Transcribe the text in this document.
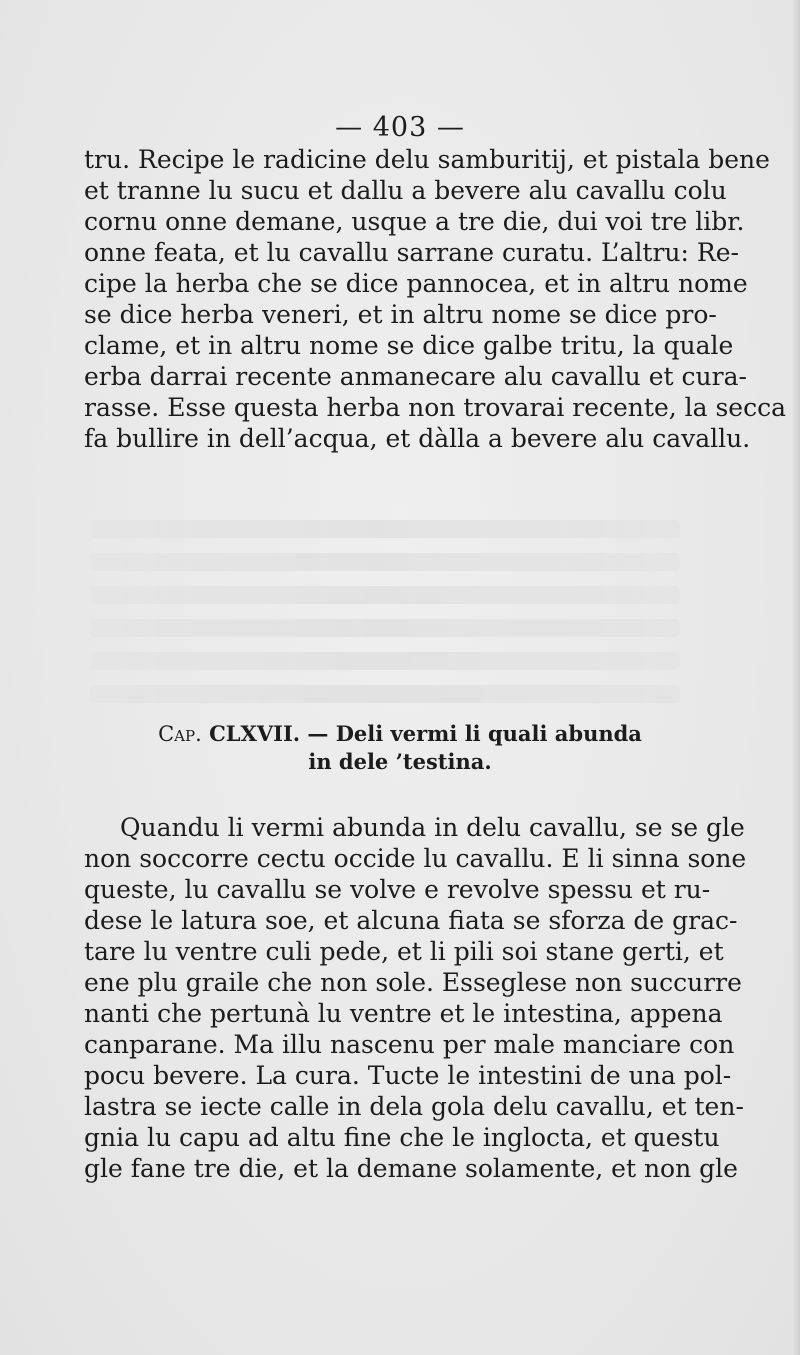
— 403 —
tru. Recipe le radicine delu samburitij, et pistala bene
et tranne lu sucu et dallu a bevere alu cavallu colu
cornu onne demane, usque a tre die, dui voi tre libr.
onne feata, et lu cavallu sarrane curatu. L’altru: Re-
cipe la herba che se dice pannocea, et in altru nome
se dice herba veneri, et in altru nome se dice pro-
clame, et in altru nome se dice galbe tritu, la quale
erba darrai recente anmanecare alu cavallu et cura-
rasse. Esse questa herba non trovarai recente, la secca
fa bullire in dell’acqua, et dàlla a bevere alu cavallu.
Cap. CLXVII. — Deli vermi li quali abunda
in dele ’testina.
Quandu li vermi abunda in delu cavallu, se se gle
non soccorre cectu occide lu cavallu. E li sinna sone
queste, lu cavallu se volve e revolve spessu et ru-
dese le latura soe, et alcuna fiata se sforza de grac-
tare lu ventre culi pede, et li pili soi stane gerti, et
ene plu graile che non sole. Esseglese non succurre
nanti che pertunà lu ventre et le intestina, appena
canparane. Ma illu nascenu per male manciare con
pocu bevere. La cura. Tucte le intestini de una pol-
lastra se iecte calle in dela gola delu cavallu, et ten-
gnia lu capu ad altu fine che le inglocta, et questu
gle fane tre die, et la demane solamente, et non gle
